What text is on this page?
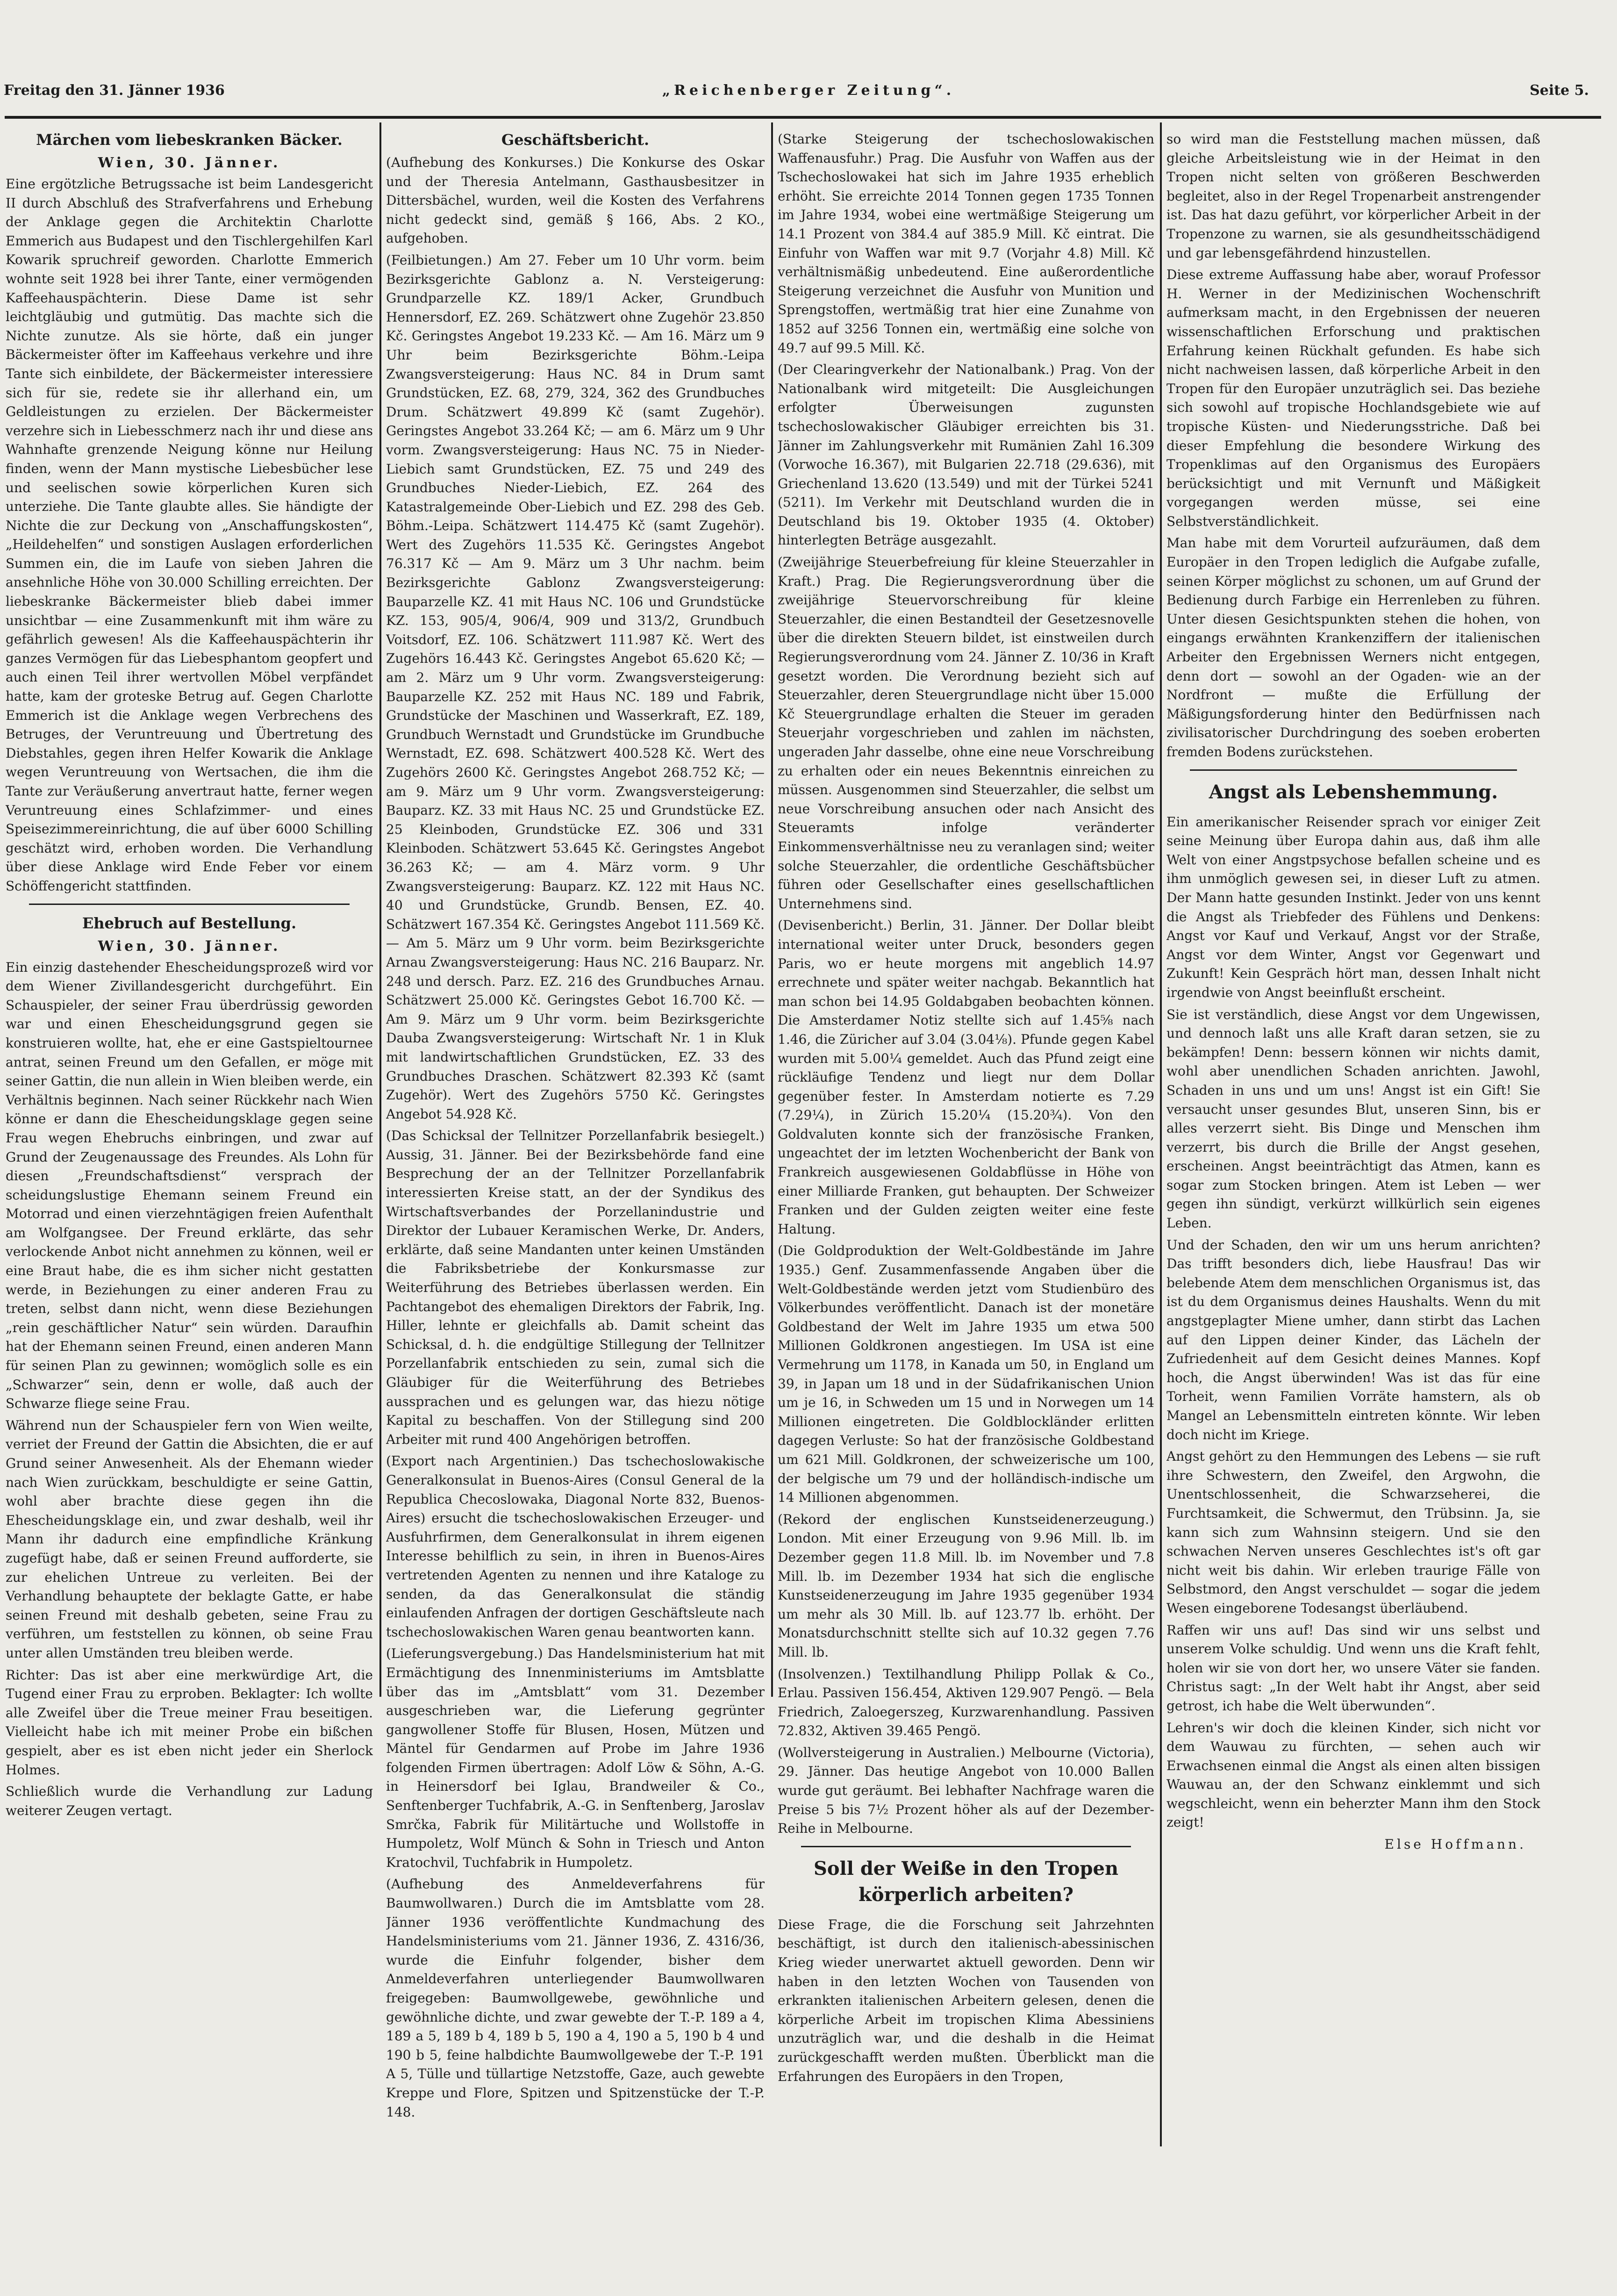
Freitag den 31. Jänner 1936	„Reichenberger Zeitung“.	Seite 5.
Märchen vom liebeskranken Bäcker.
Wien, 30. Jänner.

Eine ergötzliche Betrugssache ist beim Landesgericht II durch Abschluß des Strafverfahrens und Erhebung der Anklage gegen die Architektin Charlotte Emmerich aus Budapest und den Tischlergehilfen Karl Kowarik spruchreif geworden. Charlotte Emmerich wohnte seit 1928 bei ihrer Tante, einer vermögenden Kaffeehauspächterin. Diese Dame ist sehr leichtgläubig und gutmütig. Das machte sich die Nichte zunutze. Als sie hörte, daß ein junger Bäckermeister öfter im Kaffeehaus verkehre und ihre Tante sich einbildete, der Bäckermeister interessiere sich für sie, redete sie ihr allerhand ein, um Geldleistungen zu erzielen. Der Bäckermeister verzehre sich in Liebesschmerz nach ihr und diese ans Wahnhafte grenzende Neigung könne nur Heilung finden, wenn der Mann mystische Liebesbücher lese und seelischen sowie körperlichen Kuren sich unterziehe. Die Tante glaubte alles. Sie händigte der Nichte die zur Deckung von „Anschaffungskosten“, „Heildehelfen“ und sonstigen Auslagen erforderlichen Summen ein, die im Laufe von sieben Jahren die ansehnliche Höhe von 30.000 Schilling erreichten. Der liebeskranke Bäckermeister blieb dabei immer unsichtbar — eine Zusammenkunft mit ihm wäre zu gefährlich gewesen! Als die Kaffeehauspächterin ihr ganzes Vermögen für das Liebesphantom geopfert und auch einen Teil ihrer wertvollen Möbel verpfändet hatte, kam der groteske Betrug auf. Gegen Charlotte Emmerich ist die Anklage wegen Verbrechens des Betruges, der Veruntreuung und Übertretung des Diebstahles, gegen ihren Helfer Kowarik die Anklage wegen Veruntreuung von Wertsachen, die ihm die Tante zur Veräußerung anvertraut hatte, ferner wegen Veruntreuung eines Schlafzimmer- und eines Speisezimmereinrichtung, die auf über 6000 Schilling geschätzt wird, erhoben worden. Die Verhandlung über diese Anklage wird Ende Feber vor einem Schöffengericht stattfinden.

Ehebruch auf Bestellung.
Wien, 30. Jänner.

Ein einzig dastehender Ehescheidungsprozeß wird vor dem Wiener Zivillandesgericht durchgeführt. Ein Schauspieler, der seiner Frau überdrüssig geworden war und einen Ehescheidungsgrund gegen sie konstruieren wollte, hat, ehe er eine Gastspieltournee antrat, seinen Freund um den Gefallen, er möge mit seiner Gattin, die nun allein in Wien bleiben werde, ein Verhältnis beginnen. Nach seiner Rückkehr nach Wien könne er dann die Ehescheidungsklage gegen seine Frau wegen Ehebruchs einbringen, und zwar auf Grund der Zeugenaussage des Freundes. Als Lohn für diesen „Freundschaftsdienst“ versprach der scheidungslustige Ehemann seinem Freund ein Motorrad und einen vierzehntägigen freien Aufenthalt am Wolfgangsee. Der Freund erklärte, das sehr verlockende Anbot nicht annehmen zu können, weil er eine Braut habe, die es ihm sicher nicht gestatten werde, in Beziehungen zu einer anderen Frau zu treten, selbst dann nicht, wenn diese Beziehungen „rein geschäftlicher Natur“ sein würden. Daraufhin hat der Ehemann seinen Freund, einen anderen Mann für seinen Plan zu gewinnen; womöglich solle es ein „Schwarzer“ sein, denn er wolle, daß auch der Schwarze fliege seine Frau.

Während nun der Schauspieler fern von Wien weilte, verriet der Freund der Gattin die Absichten, die er auf Grund seiner Anwesenheit. Als der Ehemann wieder nach Wien zurückkam, beschuldigte er seine Gattin, wohl aber brachte diese gegen ihn die Ehescheidungsklage ein, und zwar deshalb, weil ihr Mann ihr dadurch eine empfindliche Kränkung zugefügt habe, daß er seinen Freund aufforderte, sie zur ehelichen Untreue zu verleiten. Bei der Verhandlung behauptete der beklagte Gatte, er habe seinen Freund mit deshalb gebeten, seine Frau zu verführen, um feststellen zu können, ob seine Frau unter allen Umständen treu bleiben werde.

Richter: Das ist aber eine merkwürdige Art, die Tugend einer Frau zu erproben. Beklagter: Ich wollte alle Zweifel über die Treue meiner Frau beseitigen. Vielleicht habe ich mit meiner Probe ein bißchen gespielt, aber es ist eben nicht jeder ein Sherlock Holmes.

Schließlich wurde die Verhandlung zur Ladung weiterer Zeugen vertagt.

Geschäftsbericht.

(Aufhebung des Konkurses.) Die Konkurse des Oskar und der Theresia Antelmann, Gasthausbesitzer in Dittersbächel, wurden, weil die Kosten des Verfahrens nicht gedeckt sind, gemäß § 166, Abs. 2 KO., aufgehoben.

(Feilbietungen.) Am 27. Feber um 10 Uhr vorm. beim Bezirksgerichte Gablonz a. N. Versteigerung: Grundparzelle KZ. 189/1 Acker, Grundbuch Hennersdorf, EZ. 269. Schätzwert ohne Zugehör 23.850 Kč. Geringstes Angebot 19.233 Kč. — Am 16. März um 9 Uhr beim Bezirksgerichte Böhm.-Leipa Zwangsversteigerung: Haus NC. 84 in Drum samt Grundstücken, EZ. 68, 279, 324, 362 des Grundbuches Drum. Schätzwert 49.899 Kč (samt Zugehör). Geringstes Angebot 33.264 Kč; — am 6. März um 9 Uhr vorm. Zwangsversteigerung: Haus NC. 75 in Nieder-Liebich samt Grundstücken, EZ. 75 und 249 des Grundbuches Nieder-Liebich, EZ. 264 des Katastralgemeinde Ober-Liebich und EZ. 298 des Geb. Böhm.-Leipa. Schätzwert 114.475 Kč (samt Zugehör). Wert des Zugehörs 11.535 Kč. Geringstes Angebot 76.317 Kč — Am 9. März um 3 Uhr nachm. beim Bezirksgerichte Gablonz Zwangsversteigerung: Bauparzelle KZ. 41 mit Haus NC. 106 und Grundstücke KZ. 153, 905/4, 906/4, 909 und 313/2, Grundbuch Voitsdorf, EZ. 106. Schätzwert 111.987 Kč. Wert des Zugehörs 16.443 Kč. Geringstes Angebot 65.620 Kč; — am 2. März um 9 Uhr vorm. Zwangsversteigerung: Bauparzelle KZ. 252 mit Haus NC. 189 und Fabrik, Grundstücke der Maschinen und Wasserkraft, EZ. 189, Grundbuch Wernstadt und Grundstücke im Grundbuche Wernstadt, EZ. 698. Schätzwert 400.528 Kč. Wert des Zugehörs 2600 Kč. Geringstes Angebot 268.752 Kč; — am 9. März um 9 Uhr vorm. Zwangsversteigerung: Bauparz. KZ. 33 mit Haus NC. 25 und Grundstücke EZ. 25 Kleinboden, Grundstücke EZ. 306 und 331 Kleinboden. Schätzwert 53.645 Kč. Geringstes Angebot 36.263 Kč; — am 4. März vorm. 9 Uhr Zwangsversteigerung: Bauparz. KZ. 122 mit Haus NC. 40 und Grundstücke, Grundb. Bensen, EZ. 40. Schätzwert 167.354 Kč. Geringstes Angebot 111.569 Kč. — Am 5. März um 9 Uhr vorm. beim Bezirksgerichte Arnau Zwangsversteigerung: Haus NC. 216 Bauparz. Nr. 248 und dersch. Parz. EZ. 216 des Grundbuches Arnau. Schätzwert 25.000 Kč. Geringstes Gebot 16.700 Kč. — Am 9. März um 9 Uhr vorm. beim Bezirksgerichte Dauba Zwangsversteigerung: Wirtschaft Nr. 1 in Kluk mit landwirtschaftlichen Grundstücken, EZ. 33 des Grundbuches Draschen. Schätzwert 82.393 Kč (samt Zugehör). Wert des Zugehörs 5750 Kč. Geringstes Angebot 54.928 Kč.

(Das Schicksal der Tellnitzer Porzellanfabrik besiegelt.) Aussig, 31. Jänner. Bei der Bezirksbehörde fand eine Besprechung der an der Tellnitzer Porzellanfabrik interessierten Kreise statt, an der der Syndikus des Wirtschaftsverbandes der Porzellanindustrie und Direktor der Lubauer Keramischen Werke, Dr. Anders, erklärte, daß seine Mandanten unter keinen Umständen die Fabriksbetriebe der Konkursmasse zur Weiterführung des Betriebes überlassen werden. Ein Pachtangebot des ehemaligen Direktors der Fabrik, Ing. Hiller, lehnte er gleichfalls ab. Damit scheint das Schicksal, d. h. die endgültige Stillegung der Tellnitzer Porzellanfabrik entschieden zu sein, zumal sich die Gläubiger für die Weiterführung des Betriebes aussprachen und es gelungen war, das hiezu nötige Kapital zu beschaffen. Von der Stillegung sind 200 Arbeiter mit rund 400 Angehörigen betroffen.

(Export nach Argentinien.) Das tschechoslowakische Generalkonsulat in Buenos-Aires (Consul General de la Republica Checoslowaka, Diagonal Norte 832, Buenos-Aires) ersucht die tschechoslowakischen Erzeuger- und Ausfuhrfirmen, dem Generalkonsulat in ihrem eigenen Interesse behilflich zu sein, in ihren in Buenos-Aires vertretenden Agenten zu nennen und ihre Kataloge zu senden, da das Generalkonsulat die ständig einlaufenden Anfragen der dortigen Geschäftsleute nach tschechoslowakischen Waren genau beantworten kann.

(Lieferungsvergebung.) Das Handelsministerium hat mit Ermächtigung des Innenministeriums im Amtsblatte über das im „Amtsblatt“ vom 31. Dezember ausgeschrieben war, die Lieferung gegrünter gangwollener Stoffe für Blusen, Hosen, Mützen und Mäntel für Gendarmen auf Probe im Jahre 1936 folgenden Firmen übertragen: Adolf Löw & Söhn, A.-G. in Heinersdorf bei Iglau, Brandweiler & Co., Senftenberger Tuchfabrik, A.-G. in Senftenberg, Jaroslav Smrčka, Fabrik für Militärtuche und Wollstoffe in Humpoletz, Wolf Münch & Sohn in Triesch und Anton Kratochvil, Tuchfabrik in Humpoletz.

(Aufhebung des Anmeldeverfahrens für Baumwollwaren.) Durch die im Amtsblatte vom 28. Jänner 1936 veröffentlichte Kundmachung des Handelsministeriums vom 21. Jänner 1936, Z. 4316/36, wurde die Einfuhr folgender, bisher dem Anmeldeverfahren unterliegender Baumwollwaren freigegeben: Baumwollgewebe, gewöhnliche und gewöhnliche dichte, und zwar gewebte der T.-P. 189 a 4, 189 a 5, 189 b 4, 189 b 5, 190 a 4, 190 a 5, 190 b 4 und 190 b 5, feine halbdichte Baumwollgewebe der T.-P. 191 A 5, Tülle und tüllartige Netzstoffe, Gaze, auch gewebte Kreppe und Flore, Spitzen und Spitzenstücke der T.-P. 148.

(Starke Steigerung der tschechoslowakischen Waffenausfuhr.) Prag. Die Ausfuhr von Waffen aus der Tschechoslowakei hat sich im Jahre 1935 erheblich erhöht. Sie erreichte 2014 Tonnen gegen 1735 Tonnen im Jahre 1934, wobei eine wertmäßige Steigerung um 14.1 Prozent von 384.4 auf 385.9 Mill. Kč eintrat. Die Einfuhr von Waffen war mit 9.7 (Vorjahr 4.8) Mill. Kč verhältnismäßig unbedeutend. Eine außerordentliche Steigerung verzeichnet die Ausfuhr von Munition und Sprengstoffen, wertmäßig trat hier eine Zunahme von 1852 auf 3256 Tonnen ein, wertmäßig eine solche von 49.7 auf 99.5 Mill. Kč.

(Der Clearingverkehr der Nationalbank.) Prag. Von der Nationalbank wird mitgeteilt: Die Ausgleichungen erfolgter Überweisungen zugunsten tschechoslowakischer Gläubiger erreichten bis 31. Jänner im Zahlungsverkehr mit Rumänien Zahl 16.309 (Vorwoche 16.367), mit Bulgarien 22.718 (29.636), mit Griechenland 13.620 (13.549) und mit der Türkei 5241 (5211). Im Verkehr mit Deutschland wurden die in Deutschland bis 19. Oktober 1935 (4. Oktober) hinterlegten Beträge ausgezahlt.

(Zweijährige Steuerbefreiung für kleine Steuerzahler in Kraft.) Prag. Die Regierungsverordnung über die zweijährige Steuervorschreibung für kleine Steuerzahler, die einen Bestandteil der Gesetzesnovelle über die direkten Steuern bildet, ist einstweilen durch Regierungsverordnung vom 24. Jänner Z. 10/36 in Kraft gesetzt worden. Die Verordnung bezieht sich auf Steuerzahler, deren Steuergrundlage nicht über 15.000 Kč Steuergrundlage erhalten die Steuer im geraden Steuerjahr vorgeschrieben und zahlen im nächsten, ungeraden Jahr dasselbe, ohne eine neue Vorschreibung zu erhalten oder ein neues Bekenntnis einreichen zu müssen. Ausgenommen sind Steuerzahler, die selbst um neue Vorschreibung ansuchen oder nach Ansicht des Steueramts infolge veränderter Einkommensverhältnisse neu zu veranlagen sind; weiter solche Steuerzahler, die ordentliche Geschäftsbücher führen oder Gesellschafter eines gesellschaftlichen Unternehmens sind.

(Devisenbericht.) Berlin, 31. Jänner. Der Dollar bleibt international weiter unter Druck, besonders gegen Paris, wo er heute morgens mit angeblich 14.97 errechnete und später weiter nachgab. Bekanntlich hat man schon bei 14.95 Goldabgaben beobachten können. Die Amsterdamer Notiz stellte sich auf 1.45⅝ nach 1.46, die Züricher auf 3.04 (3.04⅛). Pfunde gegen Kabel wurden mit 5.00¼ gemeldet. Auch das Pfund zeigt eine rückläufige Tendenz und liegt nur dem Dollar gegenüber fester. In Amsterdam notierte es 7.29 (7.29¼), in Zürich 15.20¼ (15.20¾). Von den Goldvaluten konnte sich der französische Franken, ungeachtet der im letzten Wochenbericht der Bank von Frankreich ausgewiesenen Goldabflüsse in Höhe von einer Milliarde Franken, gut behaupten. Der Schweizer Franken und der Gulden zeigten weiter eine feste Haltung.

(Die Goldproduktion der Welt-Goldbestände im Jahre 1935.) Genf. Zusammenfassende Angaben über die Welt-Goldbestände werden jetzt vom Studienbüro des Völkerbundes veröffentlicht. Danach ist der monetäre Goldbestand der Welt im Jahre 1935 um etwa 500 Millionen Goldkronen angestiegen. Im USA ist eine Vermehrung um 1178, in Kanada um 50, in England um 39, in Japan um 18 und in der Südafrikanischen Union um je 16, in Schweden um 15 und in Norwegen um 14 Millionen eingetreten. Die Goldblockländer erlitten dagegen Verluste: So hat der französische Goldbestand um 621 Mill. Goldkronen, der schweizerische um 100, der belgische um 79 und der holländisch-indische um 14 Millionen abgenommen.

(Rekord der englischen Kunstseidenerzeugung.) London. Mit einer Erzeugung von 9.96 Mill. lb. im Dezember gegen 11.8 Mill. lb. im November und 7.8 Mill. lb. im Dezember 1934 hat sich die englische Kunstseidenerzeugung im Jahre 1935 gegenüber 1934 um mehr als 30 Mill. lb. auf 123.77 lb. erhöht. Der Monatsdurchschnitt stellte sich auf 10.32 gegen 7.76 Mill. lb.

(Insolvenzen.) Textilhandlung Philipp Pollak & Co., Erlau. Passiven 156.454, Aktiven 129.907 Pengö. — Bela Friedrich, Zaloegerszeg, Kurzwarenhandlung. Passiven 72.832, Aktiven 39.465 Pengö.

(Wollversteigerung in Australien.) Melbourne (Victoria), 29. Jänner. Das heutige Angebot von 10.000 Ballen wurde gut geräumt. Bei lebhafter Nachfrage waren die Preise 5 bis 7½ Prozent höher als auf der Dezember-Reihe in Melbourne.

Soll der Weiße in den Tropen körperlich arbeiten?

Diese Frage, die die Forschung seit Jahrzehnten beschäftigt, ist durch den italienisch-abessinischen Krieg wieder unerwartet aktuell geworden. Denn wir haben in den letzten Wochen von Tausenden von erkrankten italienischen Arbeitern gelesen, denen die körperliche Arbeit im tropischen Klima Abessiniens unzuträglich war, und die deshalb in die Heimat zurückgeschafft werden mußten. Überblickt man die Erfahrungen des Europäers in den Tropen,

so wird man die Feststellung machen müssen, daß gleiche Arbeitsleistung wie in der Heimat in den Tropen nicht selten von größeren Beschwerden begleitet, also in der Regel Tropenarbeit anstrengender ist. Das hat dazu geführt, vor körperlicher Arbeit in der Tropenzone zu warnen, sie als gesundheitsschädigend und gar lebensgefährdend hinzustellen.

Diese extreme Auffassung habe aber, worauf Professor H. Werner in der Medizinischen Wochenschrift aufmerksam macht, in den Ergebnissen der neueren wissenschaftlichen Erforschung und praktischen Erfahrung keinen Rückhalt gefunden. Es habe sich nicht nachweisen lassen, daß körperliche Arbeit in den Tropen für den Europäer unzuträglich sei. Das beziehe sich sowohl auf tropische Hochlandsgebiete wie auf tropische Küsten- und Niederungsstriche. Daß bei dieser Empfehlung die besondere Wirkung des Tropenklimas auf den Organismus des Europäers berücksichtigt und mit Vernunft und Mäßigkeit vorgegangen werden müsse, sei eine Selbstverständlichkeit.

Man habe mit dem Vorurteil aufzuräumen, daß dem Europäer in den Tropen lediglich die Aufgabe zufalle, seinen Körper möglichst zu schonen, um auf Grund der Bedienung durch Farbige ein Herrenleben zu führen. Unter diesen Gesichtspunkten stehen die hohen, von eingangs erwähnten Krankenziffern der italienischen Arbeiter den Ergebnissen Werners nicht entgegen, denn dort — sowohl an der Ogaden- wie an der Nordfront — mußte die Erfüllung der Mäßigungsforderung hinter den Bedürfnissen nach zivilisatorischer Durchdringung des soeben eroberten fremden Bodens zurückstehen.

Angst als Lebenshemmung.

Ein amerikanischer Reisender sprach vor einiger Zeit seine Meinung über Europa dahin aus, daß ihm alle Welt von einer Angstpsychose befallen scheine und es ihm unmöglich gewesen sei, in dieser Luft zu atmen. Der Mann hatte gesunden Instinkt. Jeder von uns kennt die Angst als Triebfeder des Fühlens und Denkens: Angst vor Kauf und Verkauf, Angst vor der Straße, Angst vor dem Winter, Angst vor Gegenwart und Zukunft! Kein Gespräch hört man, dessen Inhalt nicht irgendwie von Angst beeinflußt erscheint.

Sie ist verständlich, diese Angst vor dem Ungewissen, und dennoch laßt uns alle Kraft daran setzen, sie zu bekämpfen! Denn: bessern können wir nichts damit, wohl aber unendlichen Schaden anrichten. Jawohl, Schaden in uns und um uns! Angst ist ein Gift! Sie versaucht unser gesundes Blut, unseren Sinn, bis er alles verzerrt sieht. Bis Dinge und Menschen ihm verzerrt, bis durch die Brille der Angst gesehen, erscheinen. Angst beeinträchtigt das Atmen, kann es sogar zum Stocken bringen. Atem ist Leben — wer gegen ihn sündigt, verkürzt willkürlich sein eigenes Leben.

Und der Schaden, den wir um uns herum anrichten? Das trifft besonders dich, liebe Hausfrau! Das wir belebende Atem dem menschlichen Organismus ist, das ist du dem Organismus deines Haushalts. Wenn du mit angstgeplagter Miene umher, dann stirbt das Lachen auf den Lippen deiner Kinder, das Lächeln der Zufriedenheit auf dem Gesicht deines Mannes. Kopf hoch, die Angst überwinden! Was ist das für eine Torheit, wenn Familien Vorräte hamstern, als ob Mangel an Lebensmitteln eintreten könnte. Wir leben doch nicht im Kriege.

Angst gehört zu den Hemmungen des Lebens — sie ruft ihre Schwestern, den Zweifel, den Argwohn, die Unentschlossenheit, die Schwarzseherei, die Furchtsamkeit, die Schwermut, den Trübsinn. Ja, sie kann sich zum Wahnsinn steigern. Und sie den schwachen Nerven unseres Geschlechtes ist's oft gar nicht weit bis dahin. Wir erleben traurige Fälle von Selbstmord, den Angst verschuldet — sogar die jedem Wesen eingeborene Todesangst überläubend.

Raffen wir uns auf! Das sind wir uns selbst und unserem Volke schuldig. Und wenn uns die Kraft fehlt, holen wir sie von dort her, wo unsere Väter sie fanden. Christus sagt: „In der Welt habt ihr Angst, aber seid getrost, ich habe die Welt überwunden“.

Lehren's wir doch die kleinen Kinder, sich nicht vor dem Wauwau zu fürchten, — sehen auch wir Erwachsenen einmal die Angst als einen alten bissigen Wauwau an, der den Schwanz einklemmt und sich wegschleicht, wenn ein beherzter Mann ihm den Stock zeigt!

Else Hoffmann.
